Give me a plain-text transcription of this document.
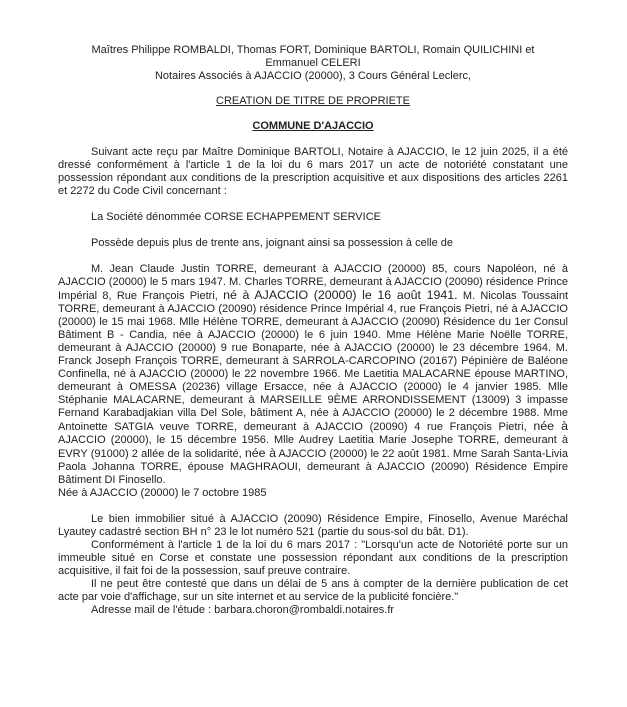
Maîtres Philippe ROMBALDI, Thomas FORT, Dominique BARTOLI, Romain QUILICHINI et
Emmanuel CELERI
Notaires Associés à AJACCIO (20000), 3 Cours Général Leclerc,
CREATION DE TITRE DE PROPRIETE
COMMUNE D'AJACCIO
Suivant acte reçu par Maître Dominique BARTOLI, Notaire à AJACCIO, le 12 juin 2025, il a été dressé conformément à l'article 1 de la loi du 6 mars 2017 un acte de notoriété constatant une possession répondant aux conditions de la prescription acquisitive et aux dispositions des articles 2261 et 2272 du Code Civil concernant :
La Société dénommée CORSE ECHAPPEMENT SERVICE
Possède depuis plus de trente ans, joignant ainsi sa possession à celle de
M. Jean Claude Justin TORRE, demeurant à AJACCIO (20000) 85, cours Napoléon, né à AJACCIO (20000) le 5 mars 1947. M. Charles TORRE, demeurant à AJACCIO (20090) résidence Prince Impérial 8, Rue François Pietri, né à AJACCIO (20000) le 16 août 1941. M. Nicolas Toussaint TORRE, demeurant à AJACCIO (20090) résidence Prince Impérial 4, rue François Pietri, né à AJACCIO (20000) le 15 mai 1968. Mlle Hélène TORRE, demeurant à AJACCIO (20090) Résidence du 1er Consul Bâtiment B - Candia, née à AJACCIO (20000) le 6 juin 1940. Mme Hélène Marie Noëlle TORRE, demeurant à AJACCIO (20000) 9 rue Bonaparte, née à AJACCIO (20000) le 23 décembre 1964. M. Franck Joseph François TORRE, demeurant à SARROLA-CARCOPINO (20167) Pépinière de Baléone Confinella, né à AJACCIO (20000) le 22 novembre 1966. Me Laetitia MALACARNE épouse MARTINO, demeurant à OMESSA (20236) village Ersacce, née à AJACCIO (20000) le 4 janvier 1985. Mlle Stéphanie MALACARNE, demeurant à MARSEILLE 9ÈME ARRONDISSEMENT (13009) 3 impasse Fernand Karabadjakian villa Del Sole, bâtiment A, née à AJACCIO (20000) le 2 décembre 1988. Mme Antoinette SATGIA veuve TORRE, demeurant à AJACCIO (20090) 4 rue François Pietri, née à AJACCIO (20000), le 15 décembre 1956. Mlle Audrey Laetitia Marie Josephe TORRE, demeurant à EVRY (91000) 2 allée de la solidarité, née à AJACCIO (20000) le 22 août 1981. Mme Sarah Santa-Livia Paola Johanna TORRE, épouse MAGHRAOUI, demeurant à AJACCIO (20090) Résidence Empire Bâtiment DI Finosello.
Née à AJACCIO (20000) le 7 octobre 1985
Le bien immobilier situé à AJACCIO (20090) Résidence Empire, Finosello, Avenue Maréchal Lyautey cadastré section BH n° 23 le lot numéro 521 (partie du sous-sol du bât. D1).
Conformément à l'article 1 de la loi du 6 mars 2017 : "Lorsqu'un acte de Notoriété porte sur un immeuble situé en Corse et constate une possession répondant aux conditions de la prescription acquisitive, il fait foi de la possession, sauf preuve contraire.
Il ne peut être contesté que dans un délai de 5 ans à compter de la dernière publication de cet acte par voie d'affichage, sur un site internet et au service de la publicité foncière."
Adresse mail de l'étude : barbara.choron@rombaldi.notaires.fr
